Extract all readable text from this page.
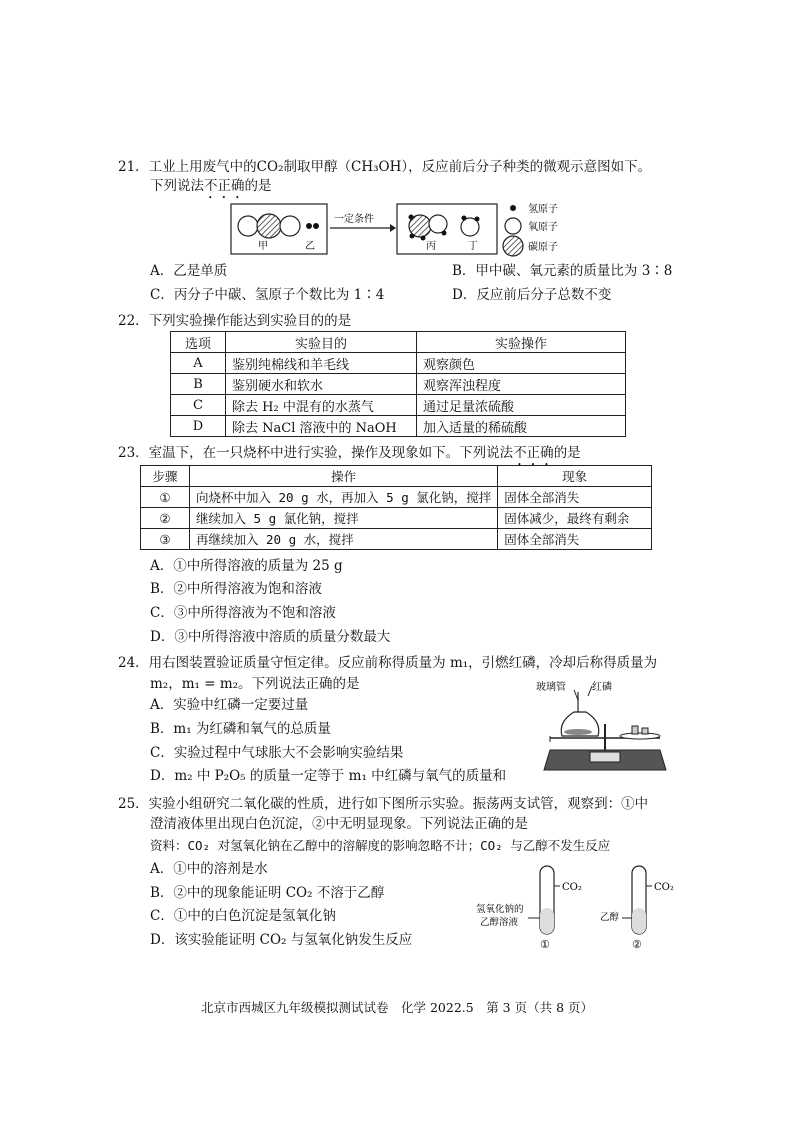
21．工业上用废气中的CO₂制取甲醇（CH₃OH），反应前后分子种类的微观示意图如下。
下列说法不正确的是
甲	乙
一定条件
丙	丁
氢原子
氧原子
碳原子
A．乙是单质	B．甲中碳、氧元素的质量比为 3∶8
C．丙分子中碳、氢原子个数比为 1∶4	D．反应前后分子总数不变
22．下列实验操作能达到实验目的的是
选项	实验目的	实验操作
A	鉴别纯棉线和羊毛线	观察颜色
B	鉴别硬水和软水	观察浑浊程度
C	除去 H₂ 中混有的水蒸气	通过足量浓硫酸
D	除去 NaCl 溶液中的 NaOH	加入适量的稀硫酸
23．室温下，在一只烧杯中进行实验，操作及现象如下。下列说法不正确的是
步骤	操作	现象
①	向烧杯中加入 20 g 水，再加入 5 g 氯化钠，搅拌	固体全部消失
②	继续加入 5 g 氯化钠，搅拌	固体减少，最终有剩余
③	再继续加入 20 g 水，搅拌	固体全部消失
A．①中所得溶液的质量为 25 g
B．②中所得溶液为饱和溶液
C．③中所得溶液为不饱和溶液
D．③中所得溶液中溶质的质量分数最大
24．用右图装置验证质量守恒定律。反应前称得质量为 m₁，引燃红磷，冷却后称得质量为
m₂，m₁ = m₂。下列说法正确的是
A．实验中红磷一定要过量
B．m₁ 为红磷和氧气的总质量
C．实验过程中气球胀大不会影响实验结果
D．m₂ 中 P₂O₅ 的质量一定等于 m₁ 中红磷与氧气的质量和
玻璃管	红磷
25．实验小组研究二氧化碳的性质，进行如下图所示实验。振荡两支试管，观察到：①中
澄清液体里出现白色沉淀，②中无明显现象。下列说法正确的是
资料：CO₂ 对氢氧化钠在乙醇中的溶解度的影响忽略不计；CO₂ 与乙醇不发生反应
A．①中的溶剂是水
B．②中的现象能证明 CO₂ 不溶于乙醇
C．①中的白色沉淀是氢氧化钠
D．该实验能证明 CO₂ 与氢氧化钠发生反应
CO₂
氢氧化钠的
乙醇溶液
①
CO₂
乙醇
②
北京市西城区九年级模拟测试试卷　化学 2022.5　第 3 页（共 8 页）
